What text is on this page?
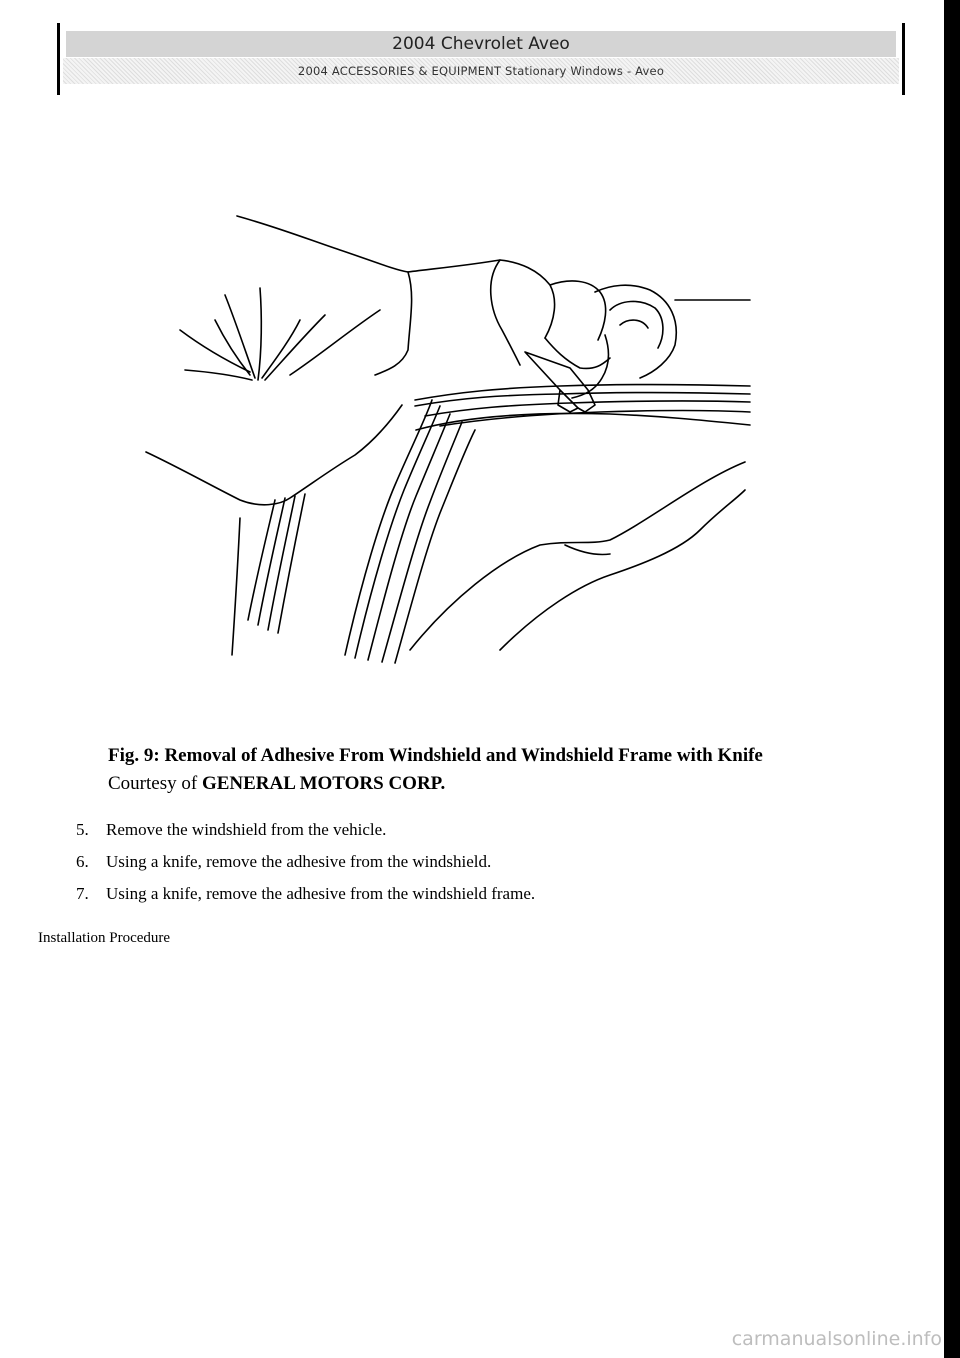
2004 Chevrolet Aveo
2004 ACCESSORIES & EQUIPMENT Stationary Windows - Aveo
Fig. 9: Removal of Adhesive From Windshield and Windshield Frame with Knife
Courtesy of GENERAL MOTORS CORP.
5.	Remove the windshield from the vehicle.
6.	Using a knife, remove the adhesive from the windshield.
7.	Using a knife, remove the adhesive from the windshield frame.
Installation Procedure
carmanualsonline.info
